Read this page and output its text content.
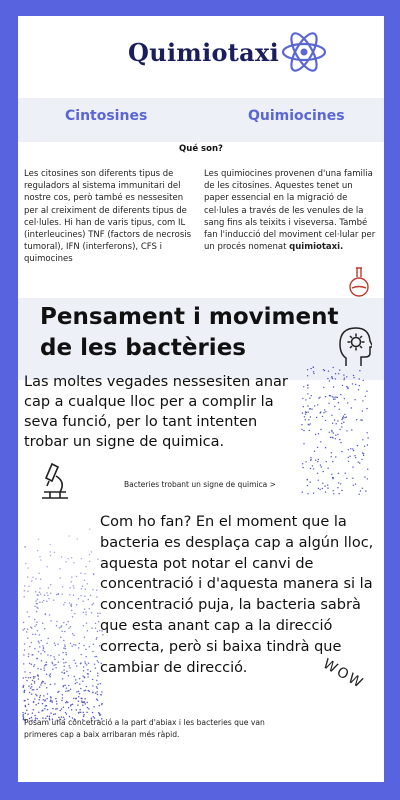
Quimiotaxi
Cintosines	Quimiocines
Qué son?
Les citosines son diferents tipus de reguladors al sistema immunitari del nostre cos, però també es nessesiten per al creiximent de diferents tipus de cel·lules. Hi han de varis tipus, com IL (interleucines) TNF (factors de necrosis tumoral), IFN (interferons), CFS i quimocines
Les quimiocines provenen d'una familia de les citosines. Aquestes tenet un paper essencial en la migració de cel·lules a través de les venules de la sang fins als teixits i viseversa. També fan l'inducció del moviment cel·lular per un procés nomenat quimiotaxi.
Pensament i moviment de les bactèries
Las moltes vegades nessesiten anar cap a cualque lloc per a complir la seva funció, per lo tant intenten trobar un signe de quimica.
Bacteries trobant un signe de quimica >
Com ho fan? En el moment que la bacteria es desplaça cap a algún lloc, aquesta pot notar el canvi de concentració i d'aquesta manera si la concentració puja, la bacteria sabrà que esta anant cap a la direcció correcta, però si baixa tindrà que cambiar de direcció.	WOW
Posam una concetració a la part d'abiax i les bacteries que van primeres cap a baix arribaran més ràpid.
